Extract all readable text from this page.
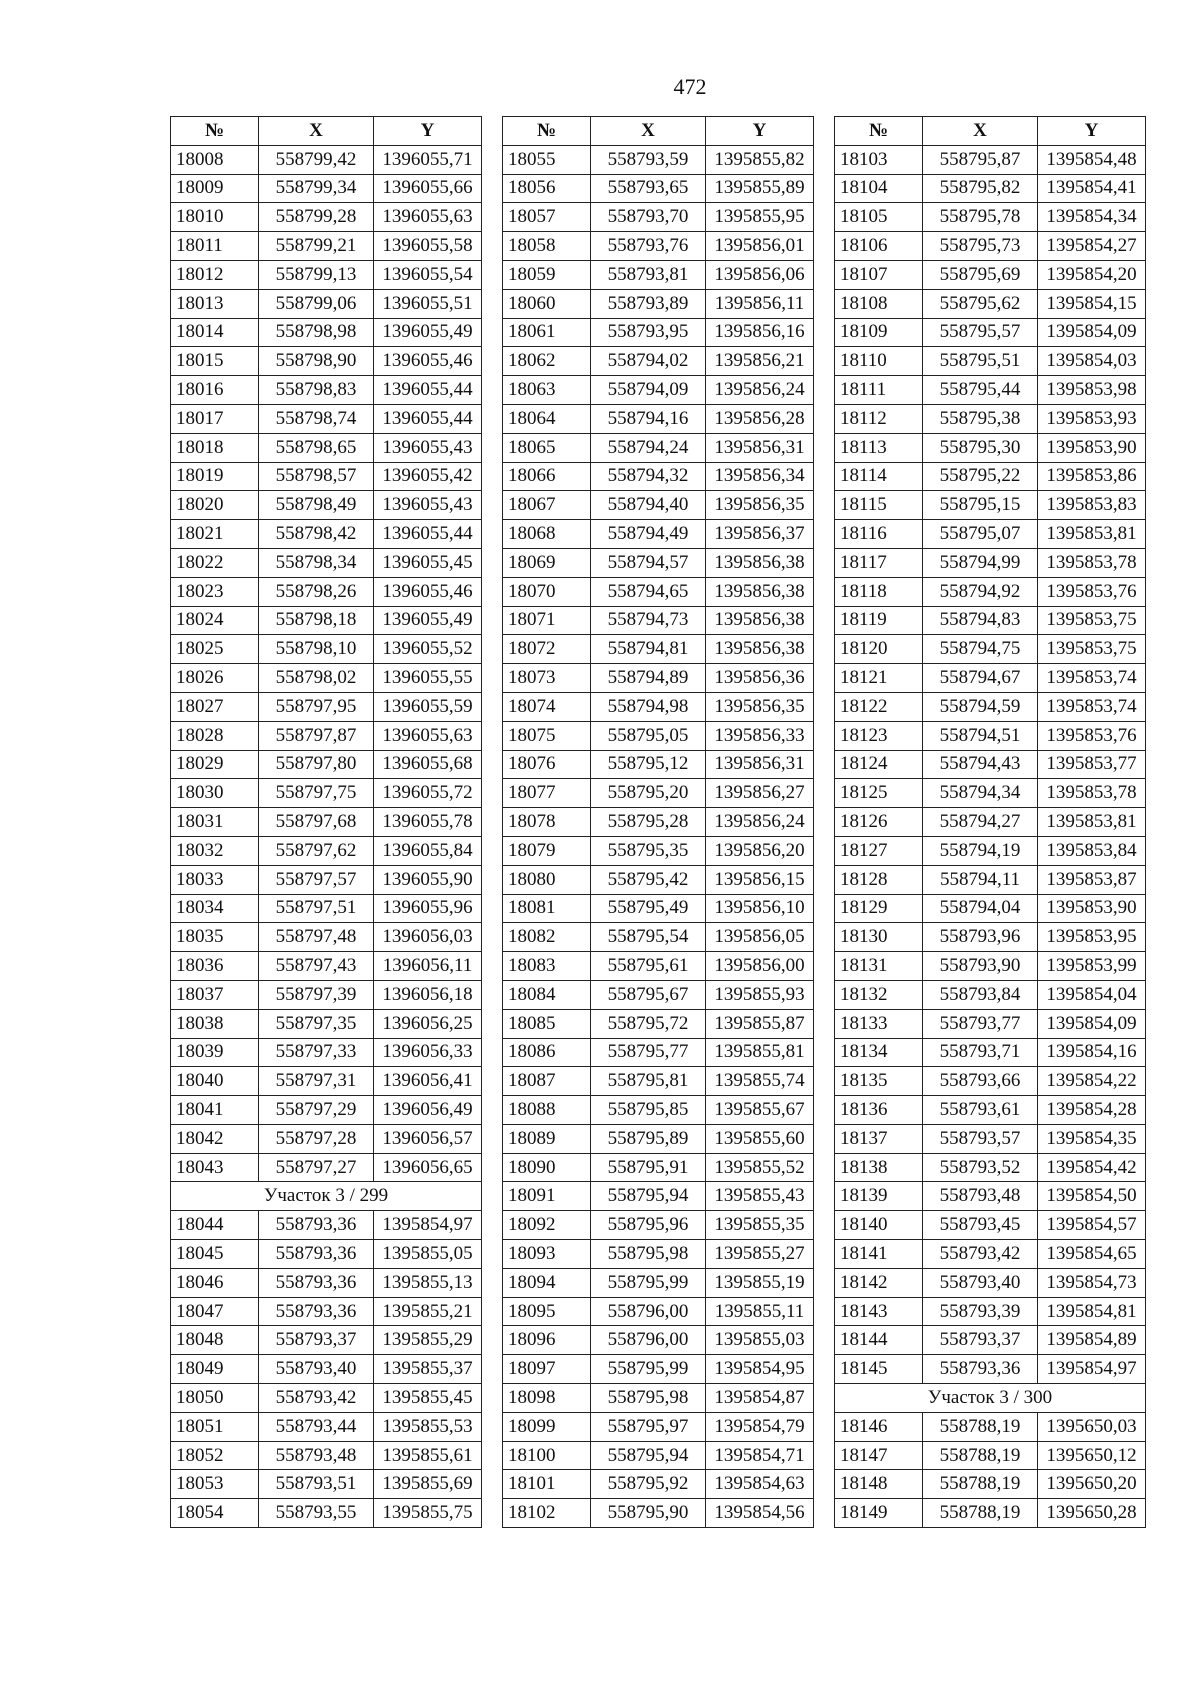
472
№	X	Y
18008	558799,42	1396055,71
18009	558799,34	1396055,66
18010	558799,28	1396055,63
18011	558799,21	1396055,58
18012	558799,13	1396055,54
18013	558799,06	1396055,51
18014	558798,98	1396055,49
18015	558798,90	1396055,46
18016	558798,83	1396055,44
18017	558798,74	1396055,44
18018	558798,65	1396055,43
18019	558798,57	1396055,42
18020	558798,49	1396055,43
18021	558798,42	1396055,44
18022	558798,34	1396055,45
18023	558798,26	1396055,46
18024	558798,18	1396055,49
18025	558798,10	1396055,52
18026	558798,02	1396055,55
18027	558797,95	1396055,59
18028	558797,87	1396055,63
18029	558797,80	1396055,68
18030	558797,75	1396055,72
18031	558797,68	1396055,78
18032	558797,62	1396055,84
18033	558797,57	1396055,90
18034	558797,51	1396055,96
18035	558797,48	1396056,03
18036	558797,43	1396056,11
18037	558797,39	1396056,18
18038	558797,35	1396056,25
18039	558797,33	1396056,33
18040	558797,31	1396056,41
18041	558797,29	1396056,49
18042	558797,28	1396056,57
18043	558797,27	1396056,65
Участок 3 / 299		
18044	558793,36	1395854,97
18045	558793,36	1395855,05
18046	558793,36	1395855,13
18047	558793,36	1395855,21
18048	558793,37	1395855,29
18049	558793,40	1395855,37
18050	558793,42	1395855,45
18051	558793,44	1395855,53
18052	558793,48	1395855,61
18053	558793,51	1395855,69
18054	558793,55	1395855,75
№	X	Y
18055	558793,59	1395855,82
18056	558793,65	1395855,89
18057	558793,70	1395855,95
18058	558793,76	1395856,01
18059	558793,81	1395856,06
18060	558793,89	1395856,11
18061	558793,95	1395856,16
18062	558794,02	1395856,21
18063	558794,09	1395856,24
18064	558794,16	1395856,28
18065	558794,24	1395856,31
18066	558794,32	1395856,34
18067	558794,40	1395856,35
18068	558794,49	1395856,37
18069	558794,57	1395856,38
18070	558794,65	1395856,38
18071	558794,73	1395856,38
18072	558794,81	1395856,38
18073	558794,89	1395856,36
18074	558794,98	1395856,35
18075	558795,05	1395856,33
18076	558795,12	1395856,31
18077	558795,20	1395856,27
18078	558795,28	1395856,24
18079	558795,35	1395856,20
18080	558795,42	1395856,15
18081	558795,49	1395856,10
18082	558795,54	1395856,05
18083	558795,61	1395856,00
18084	558795,67	1395855,93
18085	558795,72	1395855,87
18086	558795,77	1395855,81
18087	558795,81	1395855,74
18088	558795,85	1395855,67
18089	558795,89	1395855,60
18090	558795,91	1395855,52
18091	558795,94	1395855,43
18092	558795,96	1395855,35
18093	558795,98	1395855,27
18094	558795,99	1395855,19
18095	558796,00	1395855,11
18096	558796,00	1395855,03
18097	558795,99	1395854,95
18098	558795,98	1395854,87
18099	558795,97	1395854,79
18100	558795,94	1395854,71
18101	558795,92	1395854,63
18102	558795,90	1395854,56
№	X	Y
18103	558795,87	1395854,48
18104	558795,82	1395854,41
18105	558795,78	1395854,34
18106	558795,73	1395854,27
18107	558795,69	1395854,20
18108	558795,62	1395854,15
18109	558795,57	1395854,09
18110	558795,51	1395854,03
18111	558795,44	1395853,98
18112	558795,38	1395853,93
18113	558795,30	1395853,90
18114	558795,22	1395853,86
18115	558795,15	1395853,83
18116	558795,07	1395853,81
18117	558794,99	1395853,78
18118	558794,92	1395853,76
18119	558794,83	1395853,75
18120	558794,75	1395853,75
18121	558794,67	1395853,74
18122	558794,59	1395853,74
18123	558794,51	1395853,76
18124	558794,43	1395853,77
18125	558794,34	1395853,78
18126	558794,27	1395853,81
18127	558794,19	1395853,84
18128	558794,11	1395853,87
18129	558794,04	1395853,90
18130	558793,96	1395853,95
18131	558793,90	1395853,99
18132	558793,84	1395854,04
18133	558793,77	1395854,09
18134	558793,71	1395854,16
18135	558793,66	1395854,22
18136	558793,61	1395854,28
18137	558793,57	1395854,35
18138	558793,52	1395854,42
18139	558793,48	1395854,50
18140	558793,45	1395854,57
18141	558793,42	1395854,65
18142	558793,40	1395854,73
18143	558793,39	1395854,81
18144	558793,37	1395854,89
18145	558793,36	1395854,97
Участок 3 / 300		
18146	558788,19	1395650,03
18147	558788,19	1395650,12
18148	558788,19	1395650,20
18149	558788,19	1395650,28
